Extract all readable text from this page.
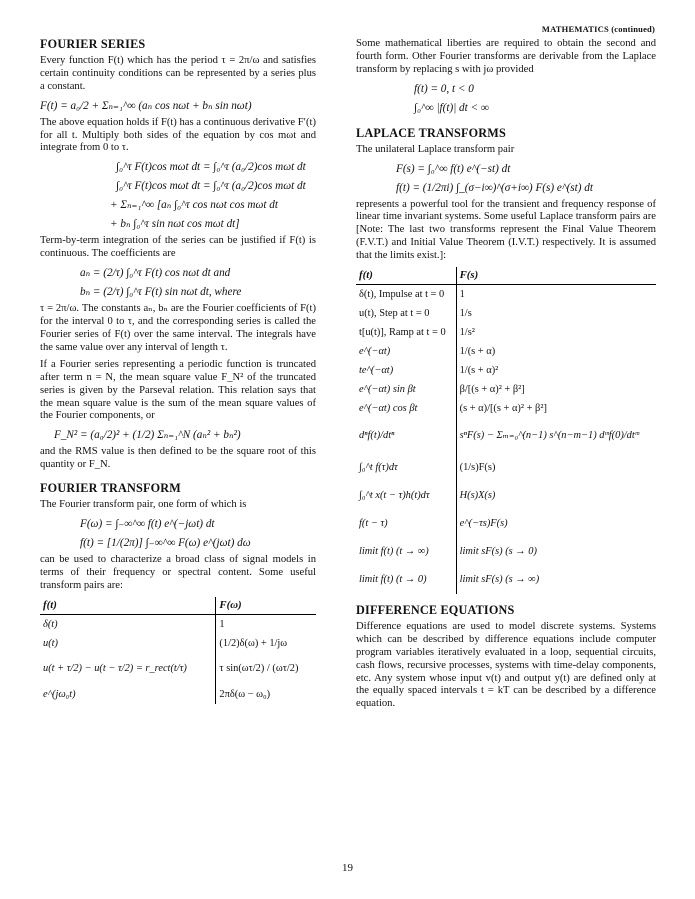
MATHEMATICS (continued)
FOURIER SERIES

Every function F(t) which has the period τ = 2π/ω and satisfies certain continuity conditions can be represented by a series plus a constant.

F(t) = a₀/2 + Σₙ₌₁^∞ (aₙ cos nωt + bₙ sin nωt)

The above equation holds if F(t) has a continuous derivative F′(t) for all t. Multiply both sides of the equation by cos mωt and integrate from 0 to τ.

∫₀^τ F(t)cos mωt dt = ∫₀^τ (a₀/2)cos mωt dt
∫₀^τ F(t)cos mωt dt = ∫₀^τ (a₀/2)cos mωt dt
+ Σₙ₌₁^∞ [aₙ ∫₀^τ cos nωt cos mωt dt
+ bₙ ∫₀^τ sin nωt cos mωt dt]

Term-by-term integration of the series can be justified if F(t) is continuous. The coefficients are

aₙ = (2/τ) ∫₀^τ F(t) cos nωt dt and
bₙ = (2/τ) ∫₀^τ F(t) sin nωt dt, where

τ = 2π/ω. The constants aₙ, bₙ are the Fourier coefficients of F(t) for the interval 0 to τ, and the corresponding series is called the Fourier series of F(t) over the same interval. The integrals have the same value over any interval of length τ.

If a Fourier series representing a periodic function is truncated after term n = N, the mean square value F_N² of the truncated series is given by the Parseval relation. This relation says that the mean square value is the sum of the mean square values of the Fourier components, or

F_N² = (a₀/2)² + (1/2) Σₙ₌₁^N (aₙ² + bₙ²)

and the RMS value is then defined to be the square root of this quantity or F_N.

FOURIER TRANSFORM

The Fourier transform pair, one form of which is

F(ω) = ∫₋∞^∞ f(t) e^(−jωt) dt
f(t) = [1/(2π)] ∫₋∞^∞ F(ω) e^(jωt) dω

can be used to characterize a broad class of signal models in terms of their frequency or spectral content. Some useful transform pairs are:

f(t)	F(ω)
δ(t)	1
u(t)	(1/2)δ(ω) + 1/jω
u(t + τ/2) − u(t − τ/2) = r_rect(t/τ)	τ sin(ωτ/2) / (ωτ/2)
e^(jω₀t)	2πδ(ω − ω₀)

Some mathematical liberties are required to obtain the second and fourth form. Other Fourier transforms are derivable from the Laplace transform by replacing s with jω provided

f(t) = 0, t < 0
∫₀^∞ |f(t)| dt < ∞
LAPLACE TRANSFORMS

The unilateral Laplace transform pair

F(s) = ∫₀^∞ f(t) e^(−st) dt
f(t) = (1/2πi) ∫_(σ−i∞)^(σ+i∞) F(s) e^(st) dt

represents a powerful tool for the transient and frequency response of linear time invariant systems. Some useful Laplace transform pairs are [Note: The last two transforms represent the Final Value Theorem (F.V.T.) and Initial Value Theorem (I.V.T.) respectively. It is assumed that the limits exist.]:

f(t)	F(s)
δ(t), Impulse at t = 0	1
u(t), Step at t = 0	1/s
t[u(t)], Ramp at t = 0	1/s²
e^(−αt)	1/(s + α)
te^(−αt)	1/(s + α)²
e^(−αt) sin βt	β/[(s + α)² + β²]
e^(−αt) cos βt	(s + α)/[(s + α)² + β²]
dⁿf(t)/dtⁿ	sⁿF(s) − Σₘ₌₀^(n−1) s^(n−m−1) dᵐf(0)/dtᵐ
∫₀^t f(τ)dτ	(1/s)F(s)
∫₀^t x(t − τ)h(t)dτ	H(s)X(s)
f(t − τ)	e^(−τs)F(s)
limit f(t) (t → ∞)	limit sF(s) (s → 0)
limit f(t) (t → 0)	limit sF(s) (s → ∞)
DIFFERENCE EQUATIONS

Difference equations are used to model discrete systems. Systems which can be described by difference equations include computer program variables iteratively evaluated in a loop, sequential circuits, cash flows, recursive processes, systems with time-delay components, etc. Any system whose input v(t) and output y(t) are defined only at the equally spaced intervals t = kT can be described by a difference equation.

19
